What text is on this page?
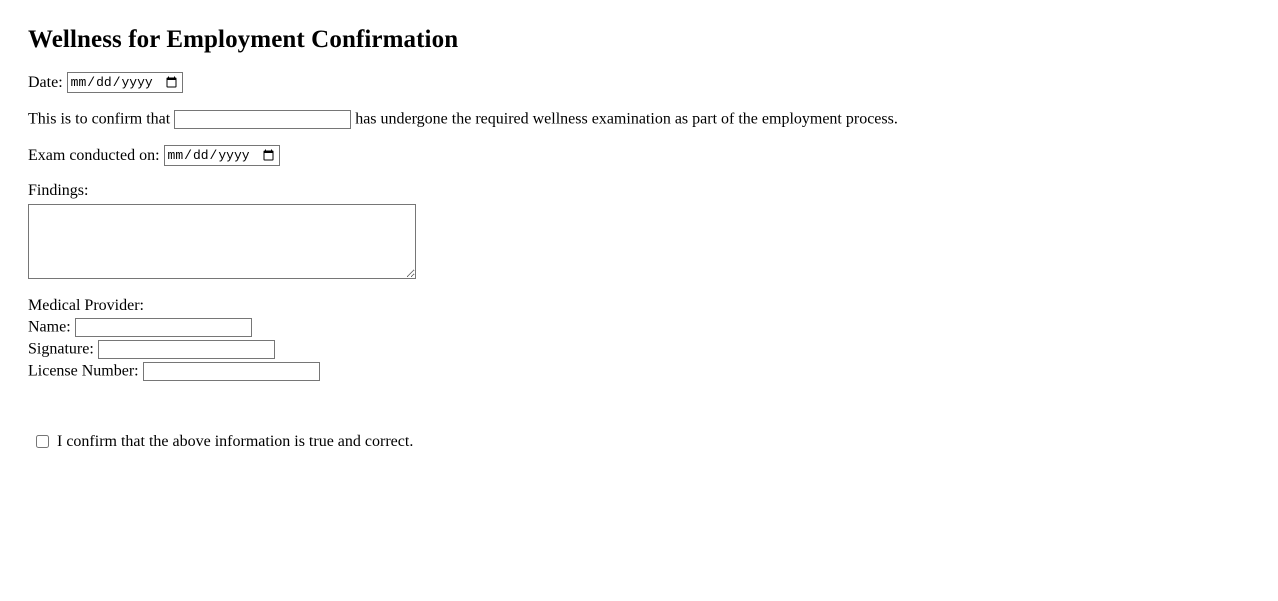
Wellness for Employment Confirmation
Date:
This is to confirm that	has undergone the required wellness examination as part of the employment process.
Exam conducted on:
Findings:
Medical Provider:
Name:
Signature:
License Number:
I confirm that the above information is true and correct.
